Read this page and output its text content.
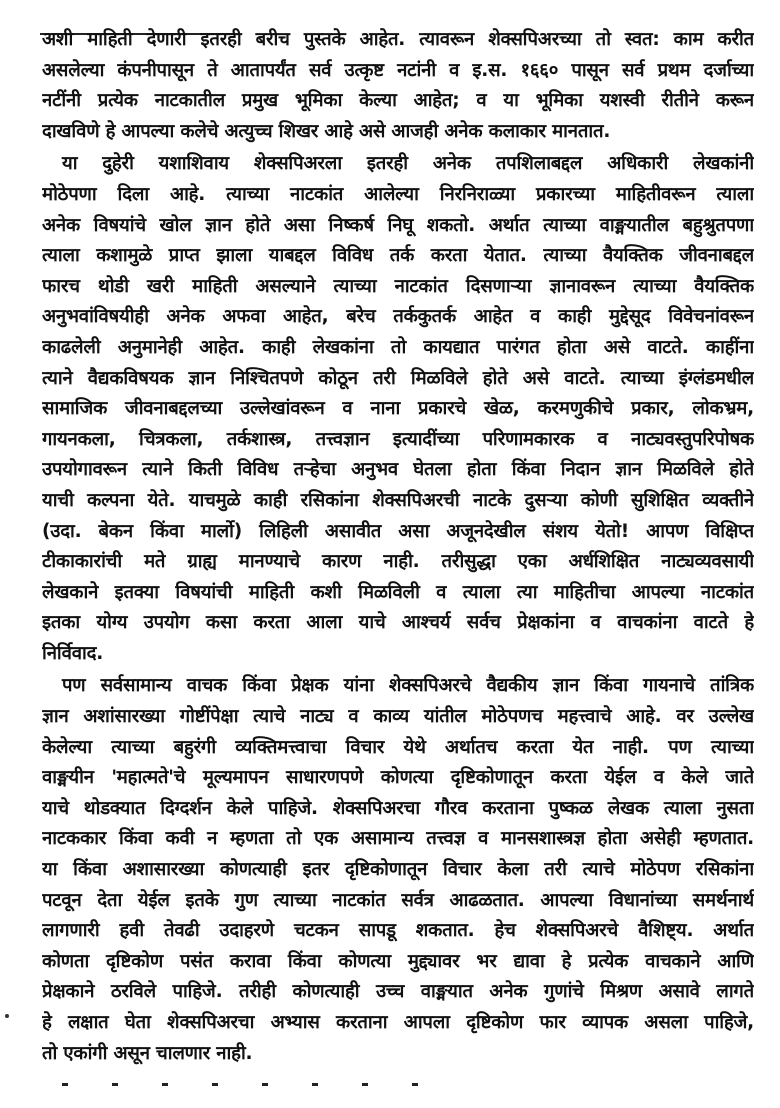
अशी माहिती देणारी इतरही बरीच पुस्तके आहेत. त्यावरून शेक्सपिअरच्या तो स्वत: काम करीत
असलेल्या कंपनीपासून ते आतापर्यंत सर्व उत्कृष्ट नटांनी व इ.स. १६६० पासून सर्व प्रथम दर्जाच्या
नटींनी प्रत्येक नाटकातील प्रमुख भूमिका केल्या आहेत; व या भूमिका यशस्वी रीतीने करून
दाखविणे हे आपल्या कलेचे अत्युच्च शिखर आहे असे आजही अनेक कलाकार मानतात.
या दुहेरी यशाशिवाय शेक्सपिअरला इतरही अनेक तपशिलाबद्दल अधिकारी लेखकांनी
मोठेपणा दिला आहे. त्याच्या नाटकांत आलेल्या निरनिराळ्या प्रकारच्या माहितीवरून त्याला
अनेक विषयांचे खोल ज्ञान होते असा निष्कर्ष निघू शकतो. अर्थात त्याच्या वाङ्मयातील बहुश्रुतपणा
त्याला कशामुळे प्राप्त झाला याबद्दल विविध तर्क करता येतात. त्याच्या वैयक्तिक जीवनाबद्दल
फारच थोडी खरी माहिती असल्याने त्याच्या नाटकांत दिसणाऱ्या ज्ञानावरून त्याच्या वैयक्तिक
अनुभवांविषयीही अनेक अफवा आहेत, बरेच तर्ककुतर्क आहेत व काही मुद्देसूद विवेचनांवरून
काढलेली अनुमानेही आहेत. काही लेखकांना तो कायद्यात पारंगत होता असे वाटते. काहींना
त्याने वैद्यकविषयक ज्ञान निश्चितपणे कोठून तरी मिळविले होते असे वाटते. त्याच्या इंग्लंडमधील
सामाजिक जीवनाबद्दलच्या उल्लेखांवरून व नाना प्रकारचे खेळ, करमणुकीचे प्रकार, लोकभ्रम,
गायनकला, चित्रकला, तर्कशास्त्र, तत्त्वज्ञान इत्यादींच्या परिणामकारक व नाट्यवस्तुपरिपोषक
उपयोगावरून त्याने किती विविध तऱ्हेचा अनुभव घेतला होता किंवा निदान ज्ञान मिळविले होते
याची कल्पना येते. याचमुळे काही रसिकांना शेक्सपिअरची नाटके दुसऱ्या कोणी सुशिक्षित व्यक्तीने
(उदा. बेकन किंवा मार्लो) लिहिली असावीत असा अजूनदेखील संशय येतो! आपण विक्षिप्त
टीकाकारांची मते ग्राह्य मानण्याचे कारण नाही. तरीसुद्धा एका अर्धशिक्षित नाट्यव्यवसायी
लेखकाने इतक्या विषयांची माहिती कशी मिळविली व त्याला त्या माहितीचा आपल्या नाटकांत
इतका योग्य उपयोग कसा करता आला याचे आश्चर्य सर्वच प्रेक्षकांना व वाचकांना वाटते हे
निर्विवाद.
पण सर्वसामान्य वाचक किंवा प्रेक्षक यांना शेक्सपिअरचे वैद्यकीय ज्ञान किंवा गायनाचे तांत्रिक
ज्ञान अशांसारख्या गोष्टींपेक्षा त्याचे नाट्य व काव्य यांतील मोठेपणच महत्त्वाचे आहे. वर उल्लेख
केलेल्या त्याच्या बहुरंगी व्यक्तिमत्त्वाचा विचार येथे अर्थातच करता येत नाही. पण त्याच्या
वाङ्मयीन 'महात्मते'चे मूल्यमापन साधारणपणे कोणत्या दृष्टिकोणातून करता येईल व केले जाते
याचे थोडक्यात दिग्दर्शन केले पाहिजे. शेक्सपिअरचा गौरव करताना पुष्कळ लेखक त्याला नुसता
नाटककार किंवा कवी न म्हणता तो एक असामान्य तत्त्वज्ञ व मानसशास्त्रज्ञ होता असेही म्हणतात.
या किंवा अशासारख्या कोणत्याही इतर दृष्टिकोणातून विचार केला तरी त्याचे मोठेपण रसिकांना
पटवून देता येईल इतके गुण त्याच्या नाटकांत सर्वत्र आढळतात. आपल्या विधानांच्या समर्थनार्थ
लागणारी हवी तेवढी उदाहरणे चटकन सापडू शकतात. हेच शेक्सपिअरचे वैशिष्ट्य. अर्थात
कोणता दृष्टिकोण पसंत करावा किंवा कोणत्या मुद्द्यावर भर द्यावा हे प्रत्येक वाचकाने आणि
प्रेक्षकाने ठरविले पाहिजे. तरीही कोणत्याही उच्च वाङ्मयात अनेक गुणांचे मिश्रण असावे लागते
हे लक्षात घेता शेक्सपिअरचा अभ्यास करताना आपला दृष्टिकोण फार व्यापक असला पाहिजे,
तो एकांगी असून चालणार नाही.
